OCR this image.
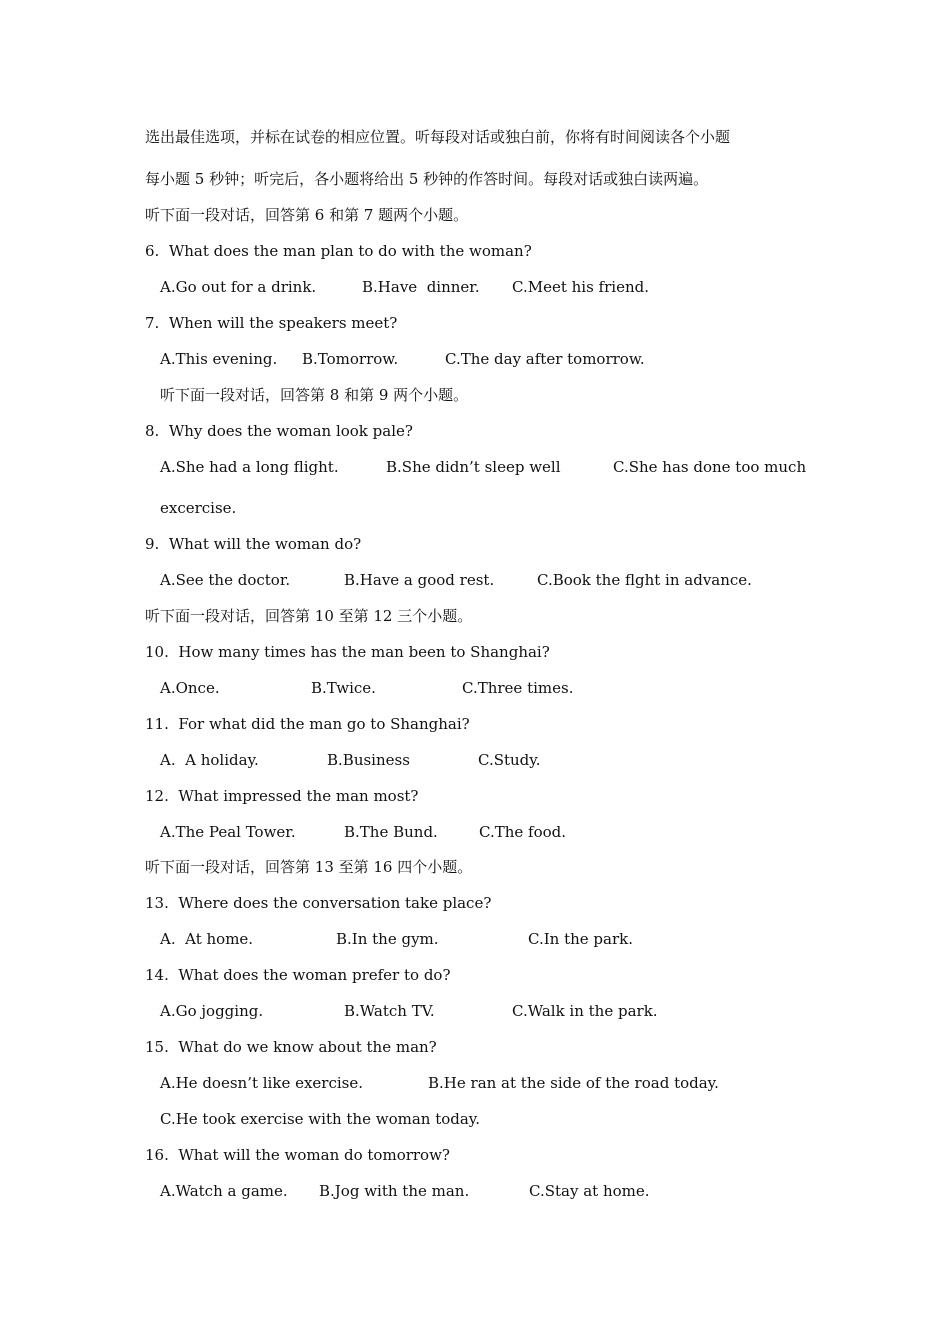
选出最佳选项，并标在试卷的相应位置。听每段对话或独白前，你将有时间阅读各个小题
每小题 5 秒钟；听完后，各小题将给出 5 秒钟的作答时间。每段对话或独白读两遍。
听下面一段对话，回答第 6 和第 7 题两个小题。
6.  What does the man plan to do with the woman?
A.Go out for a drink.	B.Have  dinner. C.Meet his friend.
7.  When will the speakers meet?
A.This evening. B.Tomorrow.	C.The day after tomorrow.
听下面一段对话，回答第 8 和第 9 两个小题。
8.  Why does the woman look pale?
A.She had a long flight.	B.She didn’t sleep well	C.She has done too much
excercise.
9.  What will the woman do?
A.See the doctor.	B.Have a good rest.	C.Book the flght in advance.
听下面一段对话，回答第 10 至第 12 三个小题。
10.  How many times has the man been to Shanghai?
A.Once.	B.Twice.	C.Three times.
11.  For what did the man go to Shanghai?
A.  A holiday.	B.Business	C.Study.
12.  What impressed the man most?
A.The Peal Tower.	B.The Bund.	C.The food.
听下面一段对话，回答第 13 至第 16 四个小题。
13.  Where does the conversation take place?
A.  At home.	B.In the gym.	C.In the park.
14.  What does the woman prefer to do?
A.Go jogging.	B.Watch TV.	C.Walk in the park.
15.  What do we know about the man?
A.He doesn’t like exercise.	B.He ran at the side of the road today.
C.He took exercise with the woman today.
16.  What will the woman do tomorrow?
A.Watch a game. B.Jog with the man.	C.Stay at home.
